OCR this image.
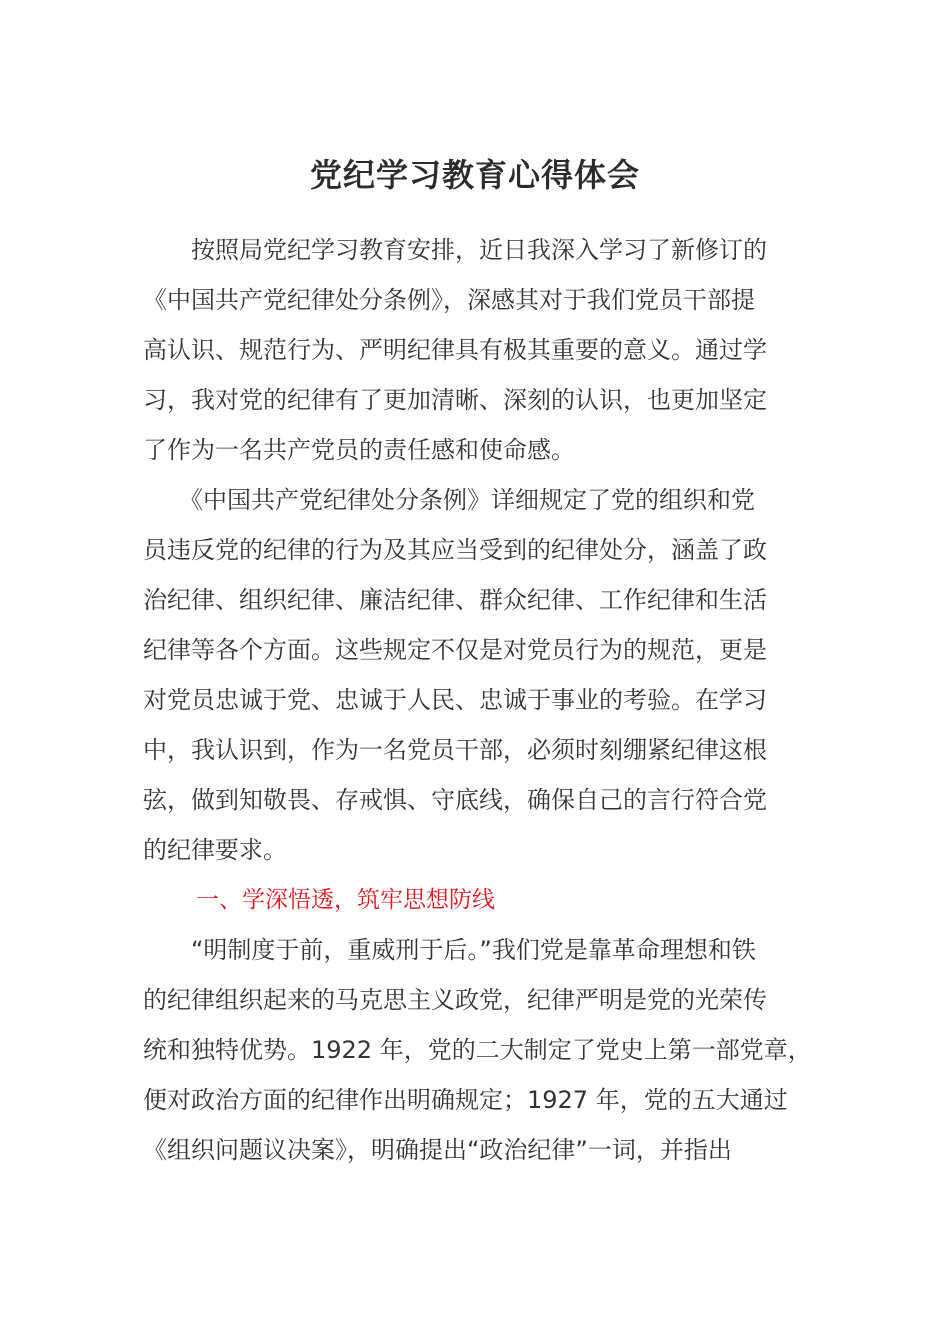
党纪学习教育心得体会
　　按照局党纪学习教育安排，近日我深入学习了新修订的
《中国共产党纪律处分条例》，深感其对于我们党员干部提
高认识、规范行为、严明纪律具有极其重要的意义。通过学
习，我对党的纪律有了更加清晰、深刻的认识，也更加坚定
了作为一名共产党员的责任感和使命感。
　　《中国共产党纪律处分条例》详细规定了党的组织和党
员违反党的纪律的行为及其应当受到的纪律处分，涵盖了政
治纪律、组织纪律、廉洁纪律、群众纪律、工作纪律和生活
纪律等各个方面。这些规定不仅是对党员行为的规范，更是
对党员忠诚于党、忠诚于人民、忠诚于事业的考验。在学习
中，我认识到，作为一名党员干部，必须时刻绷紧纪律这根
弦，做到知敬畏、存戒惧、守底线，确保自己的言行符合党
的纪律要求。
一、学深悟透，筑牢思想防线
　　“明制度于前，重威刑于后。”我们党是靠革命理想和铁
的纪律组织起来的马克思主义政党，纪律严明是党的光荣传
统和独特优势。1922 年，党的二大制定了党史上第一部党章，
便对政治方面的纪律作出明确规定；1927 年，党的五大通过
《组织问题议决案》，明确提出“政治纪律”一词，并指出
